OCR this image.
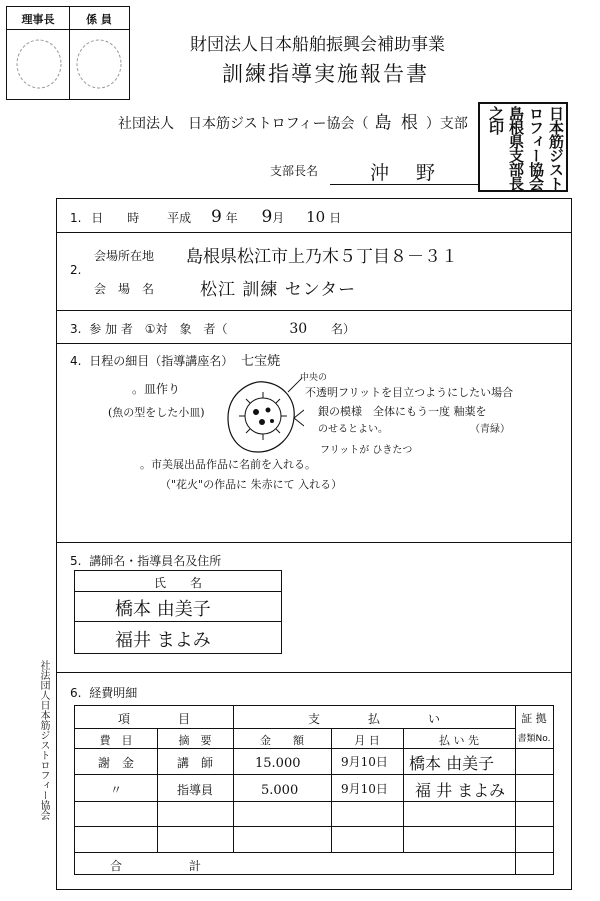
理事長	係 員
財団法人日本船舶振興会補助事業
訓練指導実施報告書
社団法人　日本筋ジストロフィー協会（ 島 根 ）支部	日本筋ジストロフィー協会島根県支部長之印
支部長名	沖　野
1. 日　　時 平成 9 年 9月 10 日
2.
会場所在地 島根県松江市上乃木５丁目８－３１
会　場　名	松江 訓練 センター
3. 参 加 者 ①対　象　者（	30 名）
4. 日程の細目（指導講座名） 七宝焼
。皿作り
(魚の型をした小皿)
中央の
不透明フリットを目立つようにしたい場合
銀の模様　全体にもう一度 釉薬を
のせるとよい。	（青緑）
フリットが ひきたつ
。市美展出品作品に名前を入れる。
（"花火"の作品に 朱赤にて 入れる）
5. 講師名・指導員名及住所
氏　　名
橋本 由美子
福井 まよみ
6. 経費明細
項　　　　目	支　　　　払　　　　い	証 拠
書類No.
費　目	摘　要	金　　額	月 日	払 い 先
謝　金	講　師	15.000	9月10日 橋本 由美子
〃	指導員	5.000	9月10日 福 井 まよみ
合	計
社法団人日本筋ジストロフィー協会
